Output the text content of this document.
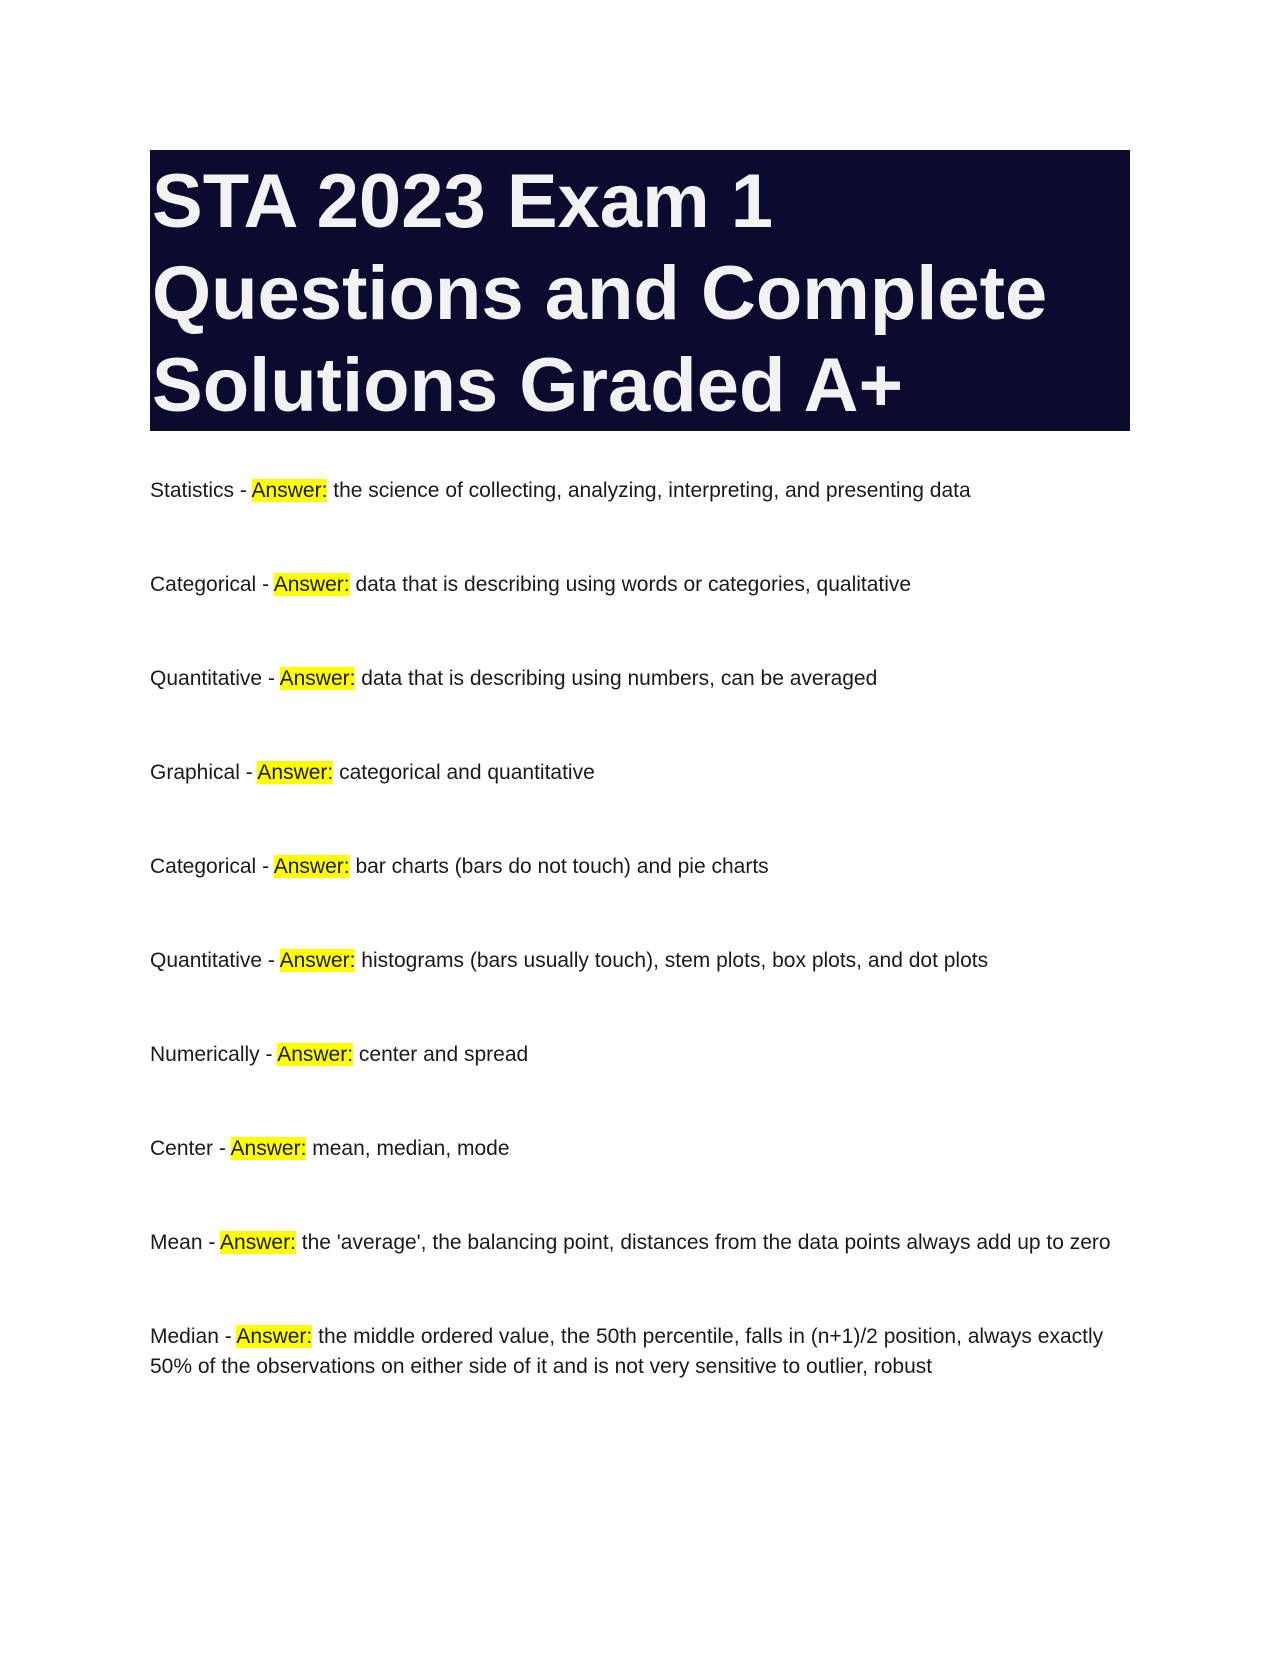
STA 2023 Exam 1 Questions and Complete Solutions Graded A+

Statistics - Answer: the science of collecting, analyzing, interpreting, and presenting data

Categorical - Answer: data that is describing using words or categories, qualitative

Quantitative - Answer: data that is describing using numbers, can be averaged

Graphical - Answer: categorical and quantitative

Categorical - Answer: bar charts (bars do not touch) and pie charts

Quantitative - Answer: histograms (bars usually touch), stem plots, box plots, and dot plots

Numerically - Answer: center and spread

Center - Answer: mean, median, mode

Mean - Answer: the 'average', the balancing point, distances from the data points always add up to zero

Median - Answer: the middle ordered value, the 50th percentile, falls in (n+1)/2 position, always exactly 50% of the observations on either side of it and is not very sensitive to outlier, robust
